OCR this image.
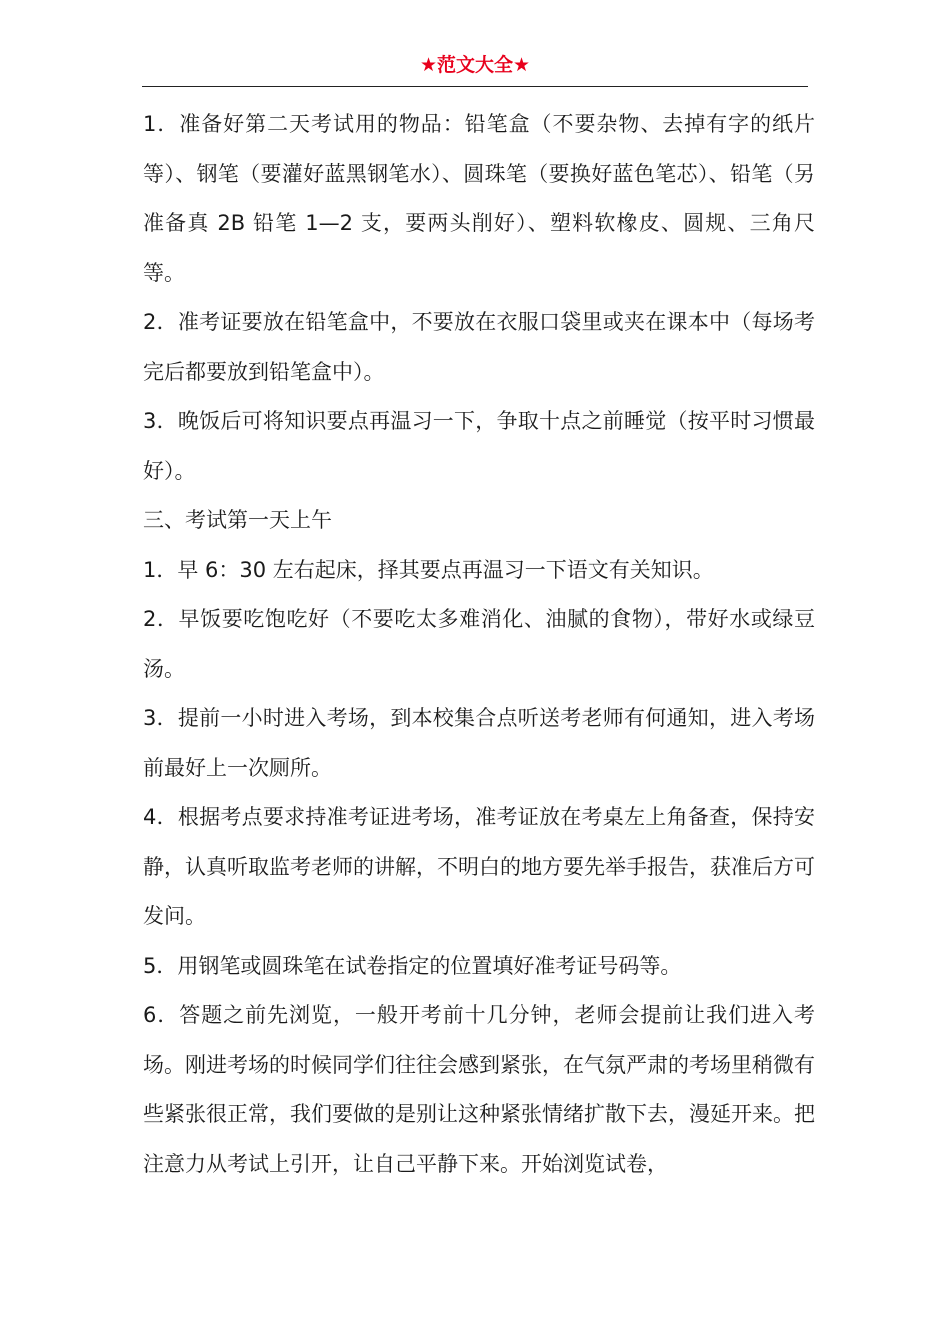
★范文大全★

1．准备好第二天考试用的物品：铅笔盒（不要杂物、去掉有字的纸片等）、钢笔（要灌好蓝黑钢笔水）、圆珠笔（要换好蓝色笔芯）、铅笔（另准备真 2B 铅笔 1—2 支，要两头削好）、塑料软橡皮、圆规、三角尺等。

2．准考证要放在铅笔盒中，不要放在衣服口袋里或夹在课本中（每场考完后都要放到铅笔盒中）。

3．晚饭后可将知识要点再温习一下，争取十点之前睡觉（按平时习惯最好）。

三、考试第一天上午

1．早 6：30 左右起床，择其要点再温习一下语文有关知识。

2．早饭要吃饱吃好（不要吃太多难消化、油腻的食物），带好水或绿豆汤。

3．提前一小时进入考场，到本校集合点听送考老师有何通知，进入考场前最好上一次厕所。

4．根据考点要求持准考证进考场，准考证放在考桌左上角备查，保持安静，认真听取监考老师的讲解，不明白的地方要先举手报告，获准后方可发问。

5．用钢笔或圆珠笔在试卷指定的位置填好准考证号码等。

6．答题之前先浏览，一般开考前十几分钟，老师会提前让我们进入考场。刚进考场的时候同学们往往会感到紧张，在气氛严肃的考场里稍微有些紧张很正常，我们要做的是别让这种紧张情绪扩散下去，漫延开来。把注意力从考试上引开，让自己平静下来。开始浏览试卷，
